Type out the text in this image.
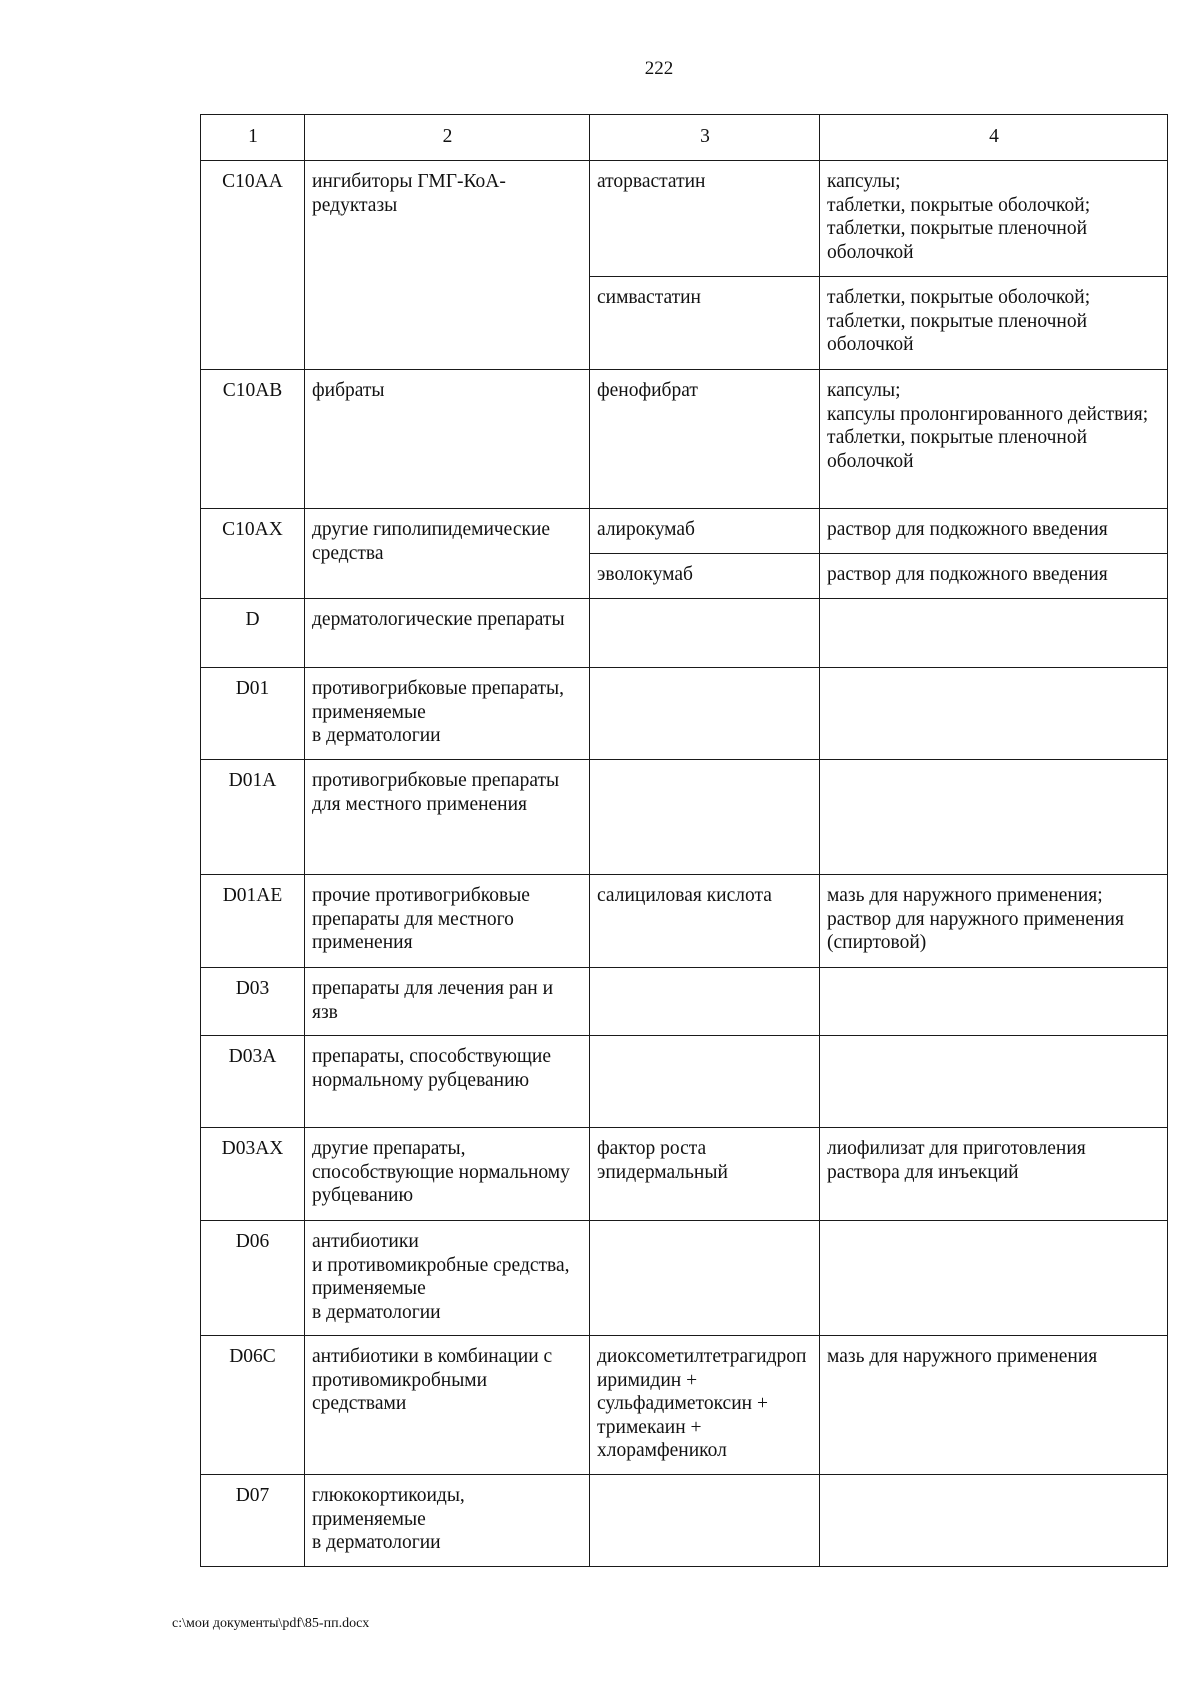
222
1	2	3	4
C10AA	ингибиторы ГМГ-КоА-редуктазы	аторвастатин	капсулы;
таблетки, покрытые оболочкой;
таблетки, покрытые пленочной оболочкой
		симвастатин	таблетки, покрытые оболочкой;
таблетки, покрытые пленочной оболочкой
C10AB	фибраты	фенофибрат	капсулы;
капсулы пролонгированного действия;
таблетки, покрытые пленочной оболочкой
C10AX	другие гиполипидемические средства	алирокумаб	раствор для подкожного введения
		эволокумаб	раствор для подкожного введения
D	дерматологические препараты		
D01	противогрибковые препараты, применяемые
в дерматологии		
D01A	противогрибковые препараты для местного применения		
D01AE	прочие противогрибковые препараты для местного применения	салициловая кислота	мазь для наружного применения;
раствор для наружного применения (спиртовой)
D03	препараты для лечения ран и язв		
D03A	препараты, способствующие нормальному рубцеванию		
D03AX	другие препараты, способствующие нормальному рубцеванию	фактор роста эпидермальный	лиофилизат для приготовления раствора для инъекций
D06	антибиотики
и противомикробные средства, применяемые
в дерматологии		
D06C	антибиотики в комбинации с противомикробными средствами	диоксометилтетрагидропиримидин + сульфадиметоксин + тримекаин + хлорамфеникол	мазь для наружного применения
D07	глюкокортикоиды, применяемые
в дерматологии		
c:\мои документы\pdf\85-пп.docx
